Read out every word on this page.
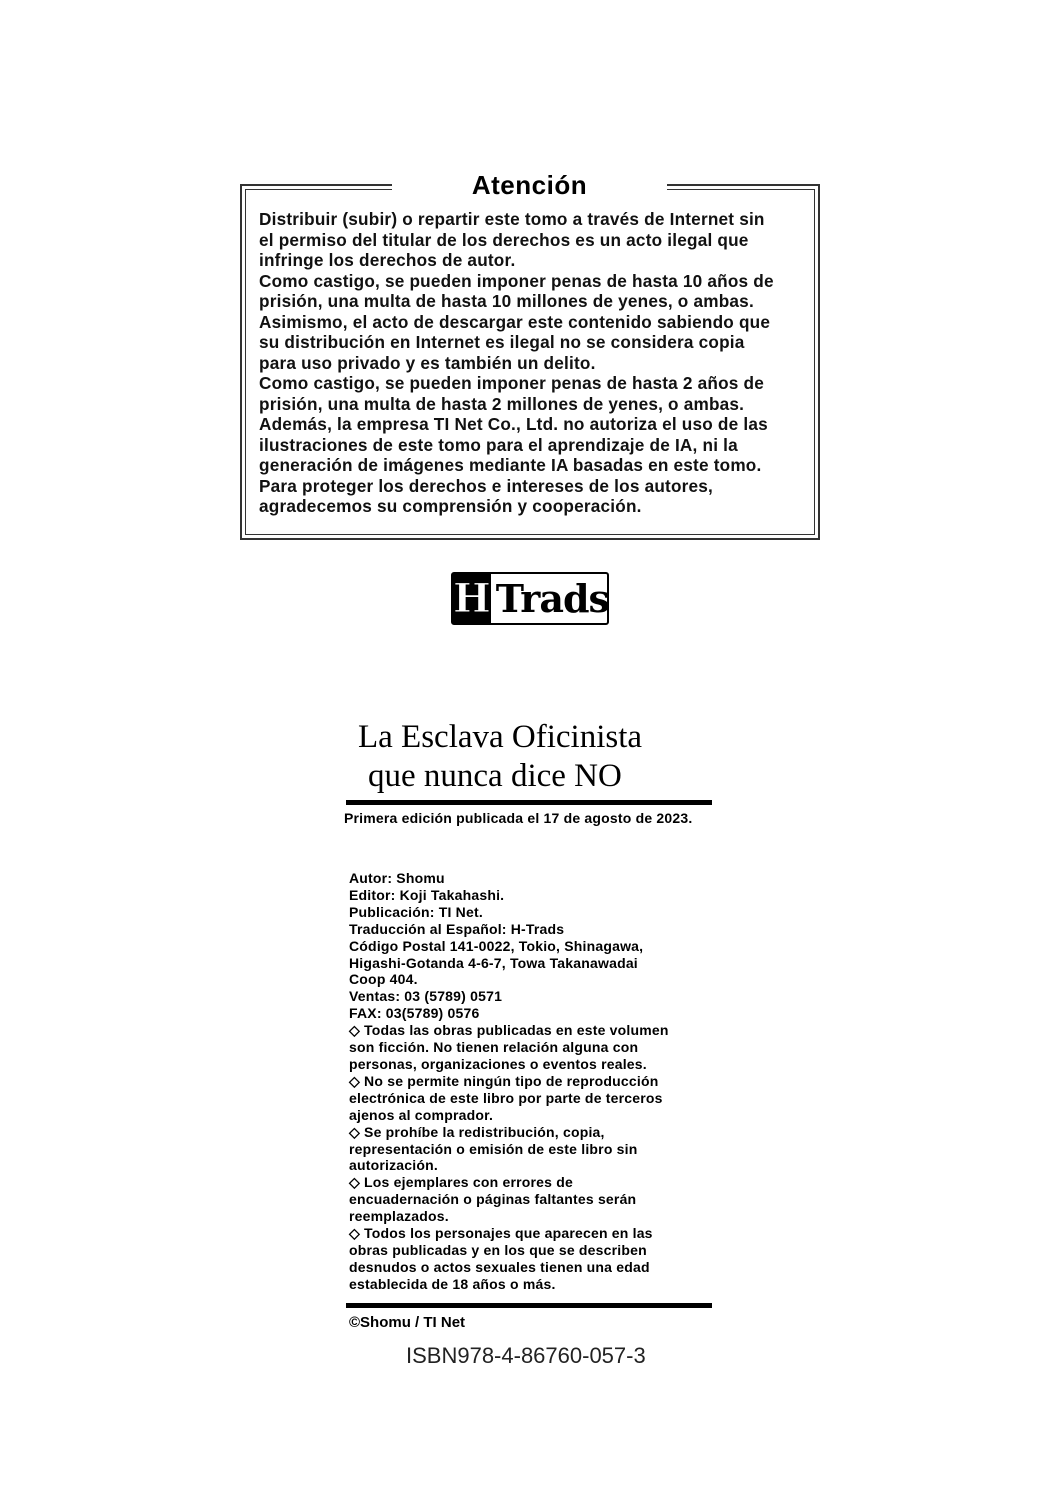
Atención
Distribuir (subir) o repartir este tomo a través de Internet sin
el permiso del titular de los derechos es un acto ilegal que
infringe los derechos de autor.
Como castigo, se pueden imponer penas de hasta 10 años de
prisión, una multa de hasta 10 millones de yenes, o ambas.
Asimismo, el acto de descargar este contenido sabiendo que
su distribución en Internet es ilegal no se considera copia
para uso privado y es también un delito.
Como castigo, se pueden imponer penas de hasta 2 años de
prisión, una multa de hasta 2 millones de yenes, o ambas.
Además, la empresa TI Net Co., Ltd. no autoriza el uso de las
ilustraciones de este tomo para el aprendizaje de IA, ni la
generación de imágenes mediante IA basadas en este tomo.
Para proteger los derechos e intereses de los autores,
agradecemos su comprensión y cooperación.
H Trads
La Esclava Oficinista
que nunca dice NO
Primera edición publicada el 17 de agosto de 2023.
Autor: Shomu
Editor: Koji Takahashi.
Publicación: TI Net.
Traducción al Español: H-Trads
Código Postal 141-0022, Tokio, Shinagawa,
Higashi-Gotanda 4-6-7, Towa Takanawadai
Coop 404.
Ventas: 03 (5789) 0571
FAX: 03(5789) 0576
◇ Todas las obras publicadas en este volumen
son ficción. No tienen relación alguna con
personas, organizaciones o eventos reales.
◇ No se permite ningún tipo de reproducción
electrónica de este libro por parte de terceros
ajenos al comprador.
◇ Se prohíbe la redistribución, copia,
representación o emisión de este libro sin
autorización.
◇ Los ejemplares con errores de
encuadernación o páginas faltantes serán
reemplazados.
◇ Todos los personajes que aparecen en las
obras publicadas y en los que se describen
desnudos o actos sexuales tienen una edad
establecida de 18 años o más.
©Shomu / TI Net
ISBN978-4-86760-057-3
